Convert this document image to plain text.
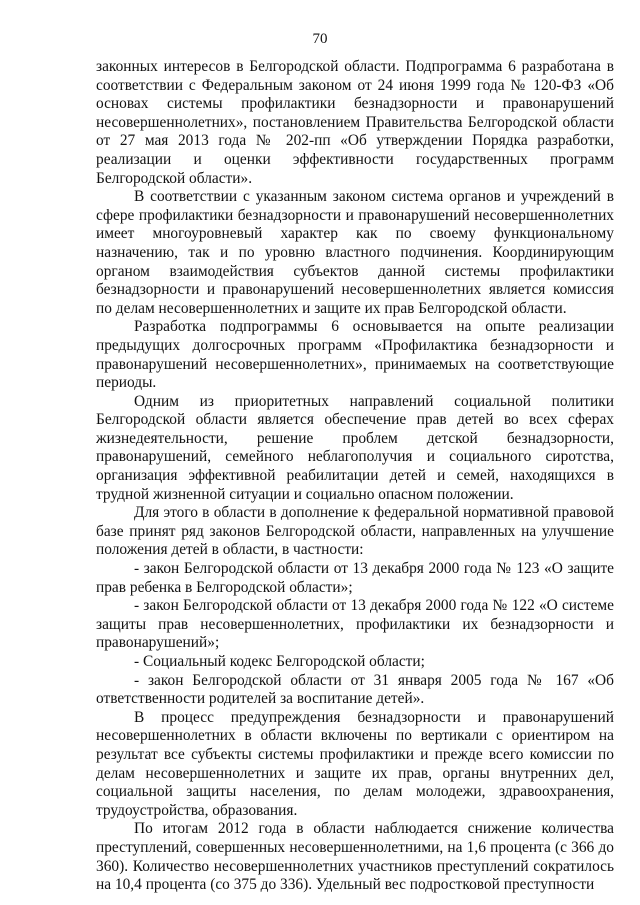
70

законных интересов в Белгородской области. Подпрограмма 6 разработана в соответствии с Федеральным законом от 24 июня 1999 года № 120-ФЗ «Об основах системы профилактики безнадзорности и правонарушений несовершеннолетних», постановлением Правительства Белгородской области от 27 мая 2013 года № 202-пп «Об утверждении Порядка разработки, реализации и оценки эффективности государственных программ Белгородской области».

В соответствии с указанным законом система органов и учреждений в сфере профилактики безнадзорности и правонарушений несовершеннолетних имеет многоуровневый характер как по своему функциональному назначению, так и по уровню властного подчинения. Координирующим органом взаимодействия субъектов данной системы профилактики безнадзорности и правонарушений несовершеннолетних является комиссия по делам несовершеннолетних и защите их прав Белгородской области.

Разработка подпрограммы 6 основывается на опыте реализации предыдущих долгосрочных программ «Профилактика безнадзорности и правонарушений несовершеннолетних», принимаемых на соответствующие периоды.

Одним из приоритетных направлений социальной политики Белгородской области является обеспечение прав детей во всех сферах жизнедеятельности, решение проблем детской безнадзорности, правонарушений, семейного неблагополучия и социального сиротства, организация эффективной реабилитации детей и семей, находящихся в трудной жизненной ситуации и социально опасном положении.

Для этого в области в дополнение к федеральной нормативной правовой базе принят ряд законов Белгородской области, направленных на улучшение положения детей в области, в частности:

- закон Белгородской области от 13 декабря 2000 года № 123 «О защите прав ребенка в Белгородской области»;

- закон Белгородской области от 13 декабря 2000 года № 122 «О системе защиты прав несовершеннолетних, профилактики их безнадзорности и правонарушений»;

- Социальный кодекс Белгородской области;

- закон Белгородской области от 31 января 2005 года № 167 «Об ответственности родителей за воспитание детей».

В процесс предупреждения безнадзорности и правонарушений несовершеннолетних в области включены по вертикали с ориентиром на результат все субъекты системы профилактики и прежде всего комиссии по делам несовершеннолетних и защите их прав, органы внутренних дел, социальной защиты населения, по делам молодежи, здравоохранения, трудоустройства, образования.

По итогам 2012 года в области наблюдается снижение количества преступлений, совершенных несовершеннолетними, на 1,6 процента (с 366 до 360). Количество несовершеннолетних участников преступлений сократилось на 10,4 процента (со 375 до 336). Удельный вес подростковой преступности
